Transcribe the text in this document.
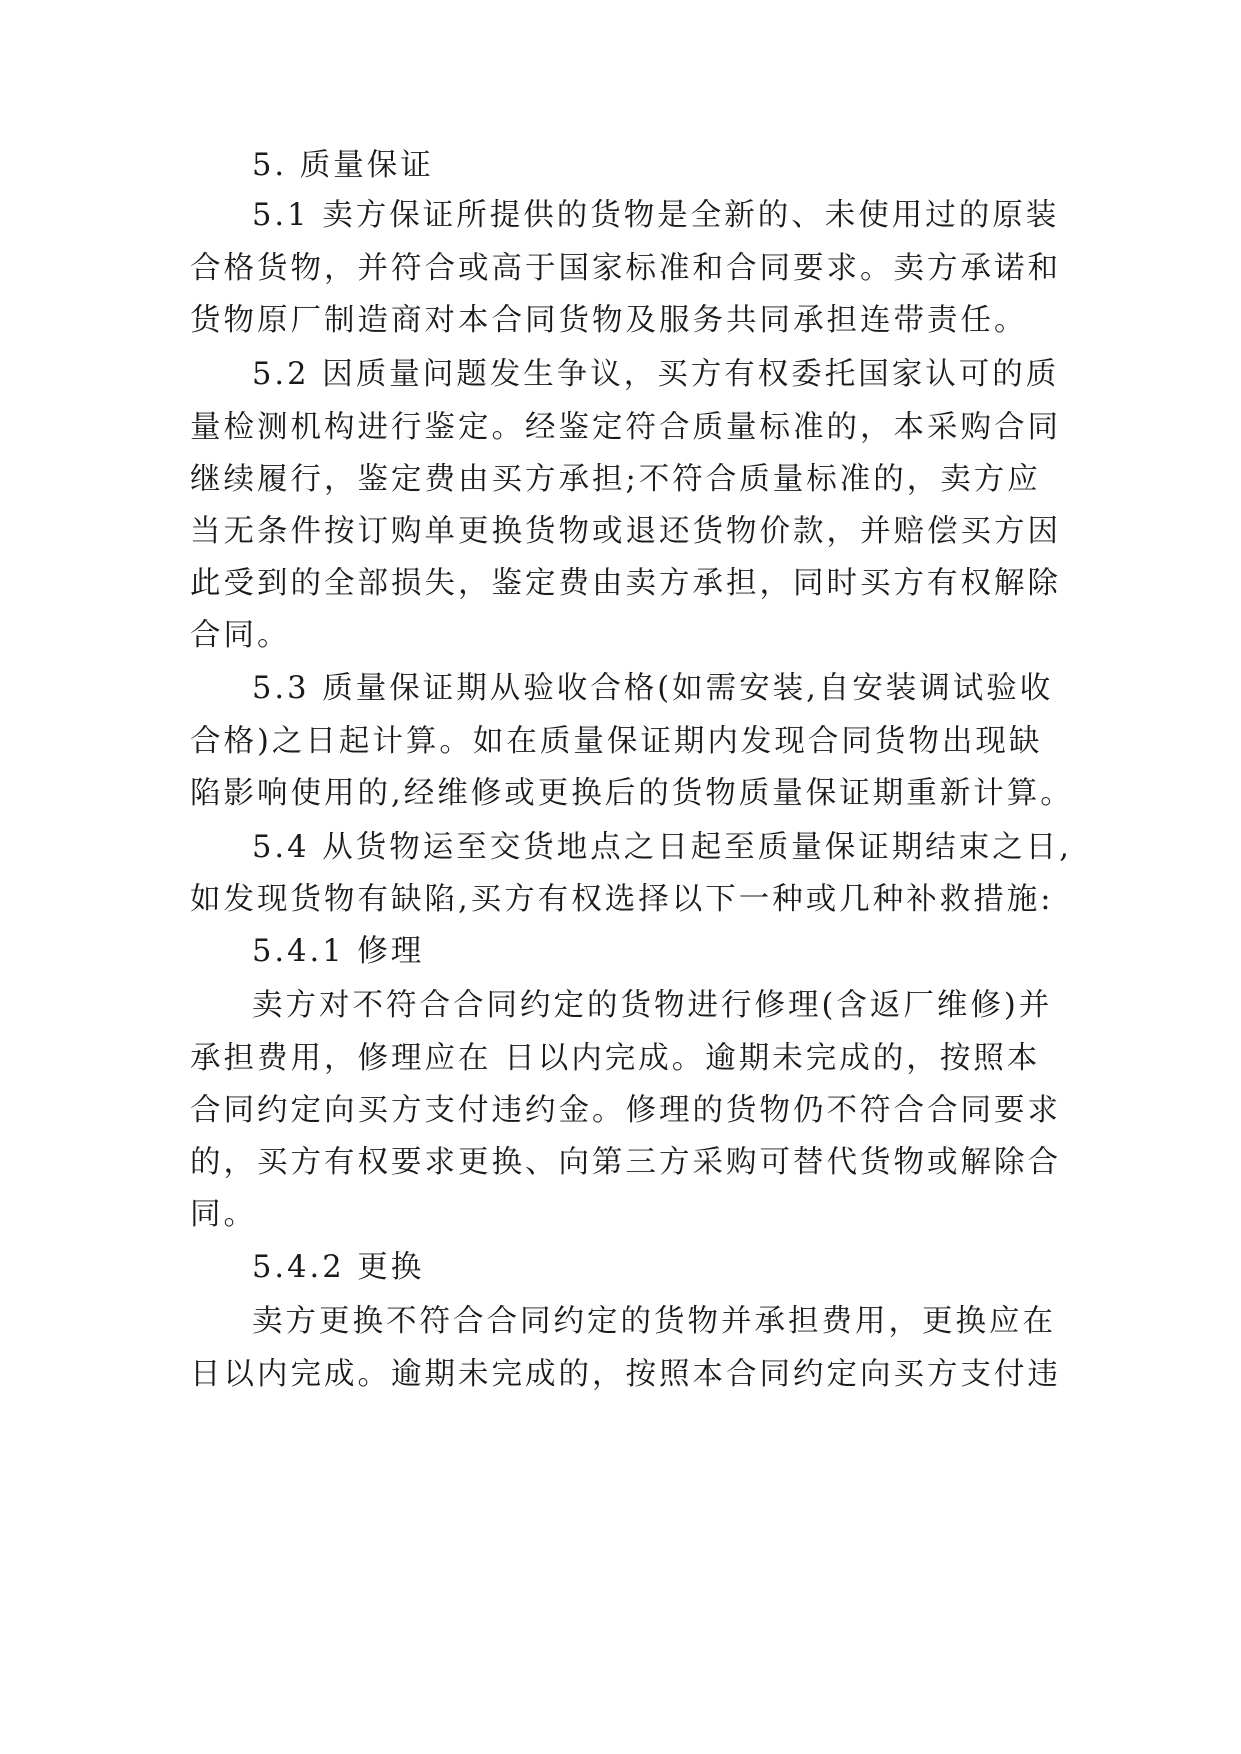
5. 质量保证
5.1 卖方保证所提供的货物是全新的、未使用过的原装
合格货物，并符合或高于国家标准和合同要求。卖方承诺和
货物原厂制造商对本合同货物及服务共同承担连带责任。
5.2 因质量问题发生争议，买方有权委托国家认可的质
量检测机构进行鉴定。经鉴定符合质量标准的，本采购合同
继续履行，鉴定费由买方承担;不符合质量标准的，卖方应
当无条件按订购单更换货物或退还货物价款，并赔偿买方因
此受到的全部损失，鉴定费由卖方承担，同时买方有权解除
合同。
5.3 质量保证期从验收合格(如需安装,自安装调试验收
合格)之日起计算。如在质量保证期内发现合同货物出现缺
陷影响使用的,经维修或更换后的货物质量保证期重新计算。
5.4 从货物运至交货地点之日起至质量保证期结束之日,
如发现货物有缺陷,买方有权选择以下一种或几种补救措施:
5.4.1 修理
卖方对不符合合同约定的货物进行修理(含返厂维修)并
承担费用，修理应在 日以内完成。逾期未完成的，按照本
合同约定向买方支付违约金。修理的货物仍不符合合同要求
的，买方有权要求更换、向第三方采购可替代货物或解除合
同。
5.4.2 更换
卖方更换不符合合同约定的货物并承担费用，更换应在
日以内完成。逾期未完成的，按照本合同约定向买方支付违
